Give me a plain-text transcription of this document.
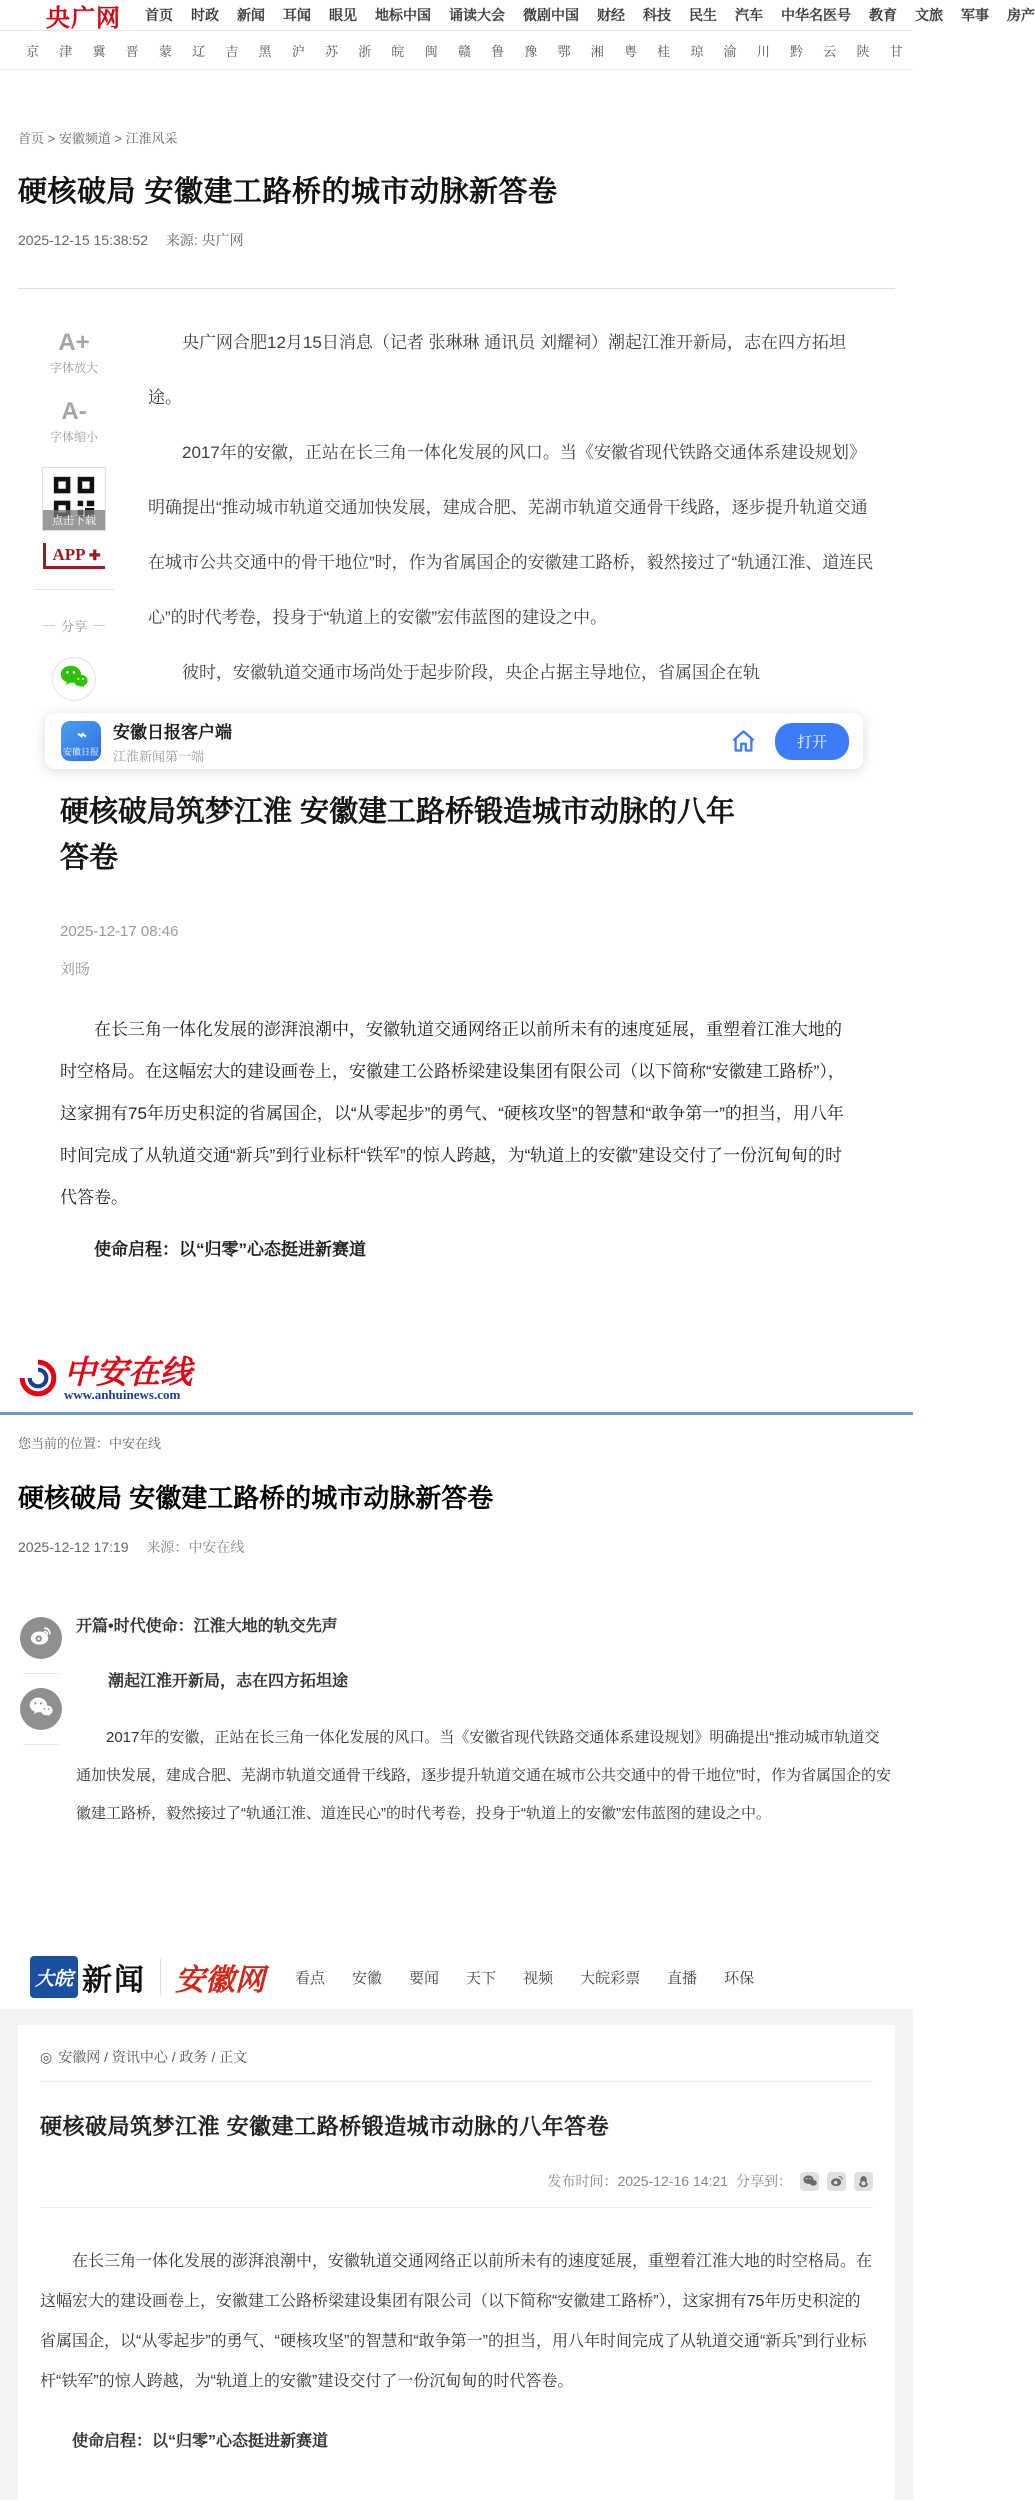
央广网 首页 时政 新闻 耳闻 眼见 地标中国 诵读大会 微剧中国 财经 科技 民生 汽车 中华名医号 教育 文旅 军事 房产
京 津 冀 晋 蒙 辽 吉 黑 沪 苏 浙 皖 闽 赣 鲁 豫 鄂 湘 粤 桂 琼 渝 川 黔 云 陕 甘
首页 > 安徽频道 > 江淮风采
硬核破局 安徽建工路桥的城市动脉新答卷
2025-12-15 15:38:52 来源: 央广网
A+
字体放大
A-
字体缩小
点击下载
APP ✚
分享

央广网合肥12月15日消息（记者 张琳琳 通讯员 刘耀祠）潮起江淮开新局，志在四方拓坦途。

2017年的安徽，正站在长三角一体化发展的风口。当《安徽省现代铁路交通体系建设规划》明确提出“推动城市轨道交通加快发展，建成合肥、芜湖市轨道交通骨干线路，逐步提升轨道交通在城市公共交通中的骨干地位”时，作为省属国企的安徽建工路桥，毅然接过了“轨通江淮、道连民心”的时代考卷，投身于“轨道上的安徽”宏伟蓝图的建设之中。

彼时，安徽轨道交通市场尚处于起步阶段，央企占据主导地位，省属国企在轨

⌁
安徽日报
安徽日报客户端
江淮新闻第一端
打开
硬核破局筑梦江淮 安徽建工路桥锻造城市动脉的八年答卷
2025-12-17 08:46
刘旸

在长三角一体化发展的澎湃浪潮中，安徽轨道交通网络正以前所未有的速度延展，重塑着江淮大地的时空格局。在这幅宏大的建设画卷上，安徽建工公路桥梁建设集团有限公司（以下简称“安徽建工路桥”），这家拥有75年历史积淀的省属国企，以“从零起步”的勇气、“硬核攻坚”的智慧和“敢争第一”的担当，用八年时间完成了从轨道交通“新兵”到行业标杆“铁军”的惊人跨越，为“轨道上的安徽”建设交付了一份沉甸甸的时代答卷。

使命启程：以“归零”心态挺进新赛道

中安在线
www.anhuinews.com
您当前的位置：中安在线
硬核破局 安徽建工路桥的城市动脉新答卷
2025-12-12 17:19 来源：中安在线
开篇•时代使命：江淮大地的轨交先声
潮起江淮开新局，志在四方拓坦途

2017年的安徽，正站在长三角一体化发展的风口。当《安徽省现代铁路交通体系建设规划》明确提出“推动城市轨道交通加快发展，建成合肥、芜湖市轨道交通骨干线路，逐步提升轨道交通在城市公共交通中的骨干地位”时，作为省属国企的安徽建工路桥，毅然接过了“轨通江淮、道连民心”的时代考卷，投身于“轨道上的安徽”宏伟蓝图的建设之中。

大皖 新闻 安徽网 看点 安徽 要闻 天下 视频 大皖彩票 直播 环保
◎ 安徽网 / 资讯中心 / 政务 / 正文
硬核破局筑梦江淮 安徽建工路桥锻造城市动脉的八年答卷
发布时间：2025-12-16 14:21 分享到：

在长三角一体化发展的澎湃浪潮中，安徽轨道交通网络正以前所未有的速度延展，重塑着江淮大地的时空格局。在这幅宏大的建设画卷上，安徽建工公路桥梁建设集团有限公司（以下简称“安徽建工路桥”），这家拥有75年历史积淀的省属国企，以“从零起步”的勇气、“硬核攻坚”的智慧和“敢争第一”的担当，用八年时间完成了从轨道交通“新兵”到行业标杆“铁军”的惊人跨越，为“轨道上的安徽”建设交付了一份沉甸甸的时代答卷。

使命启程：以“归零”心态挺进新赛道
